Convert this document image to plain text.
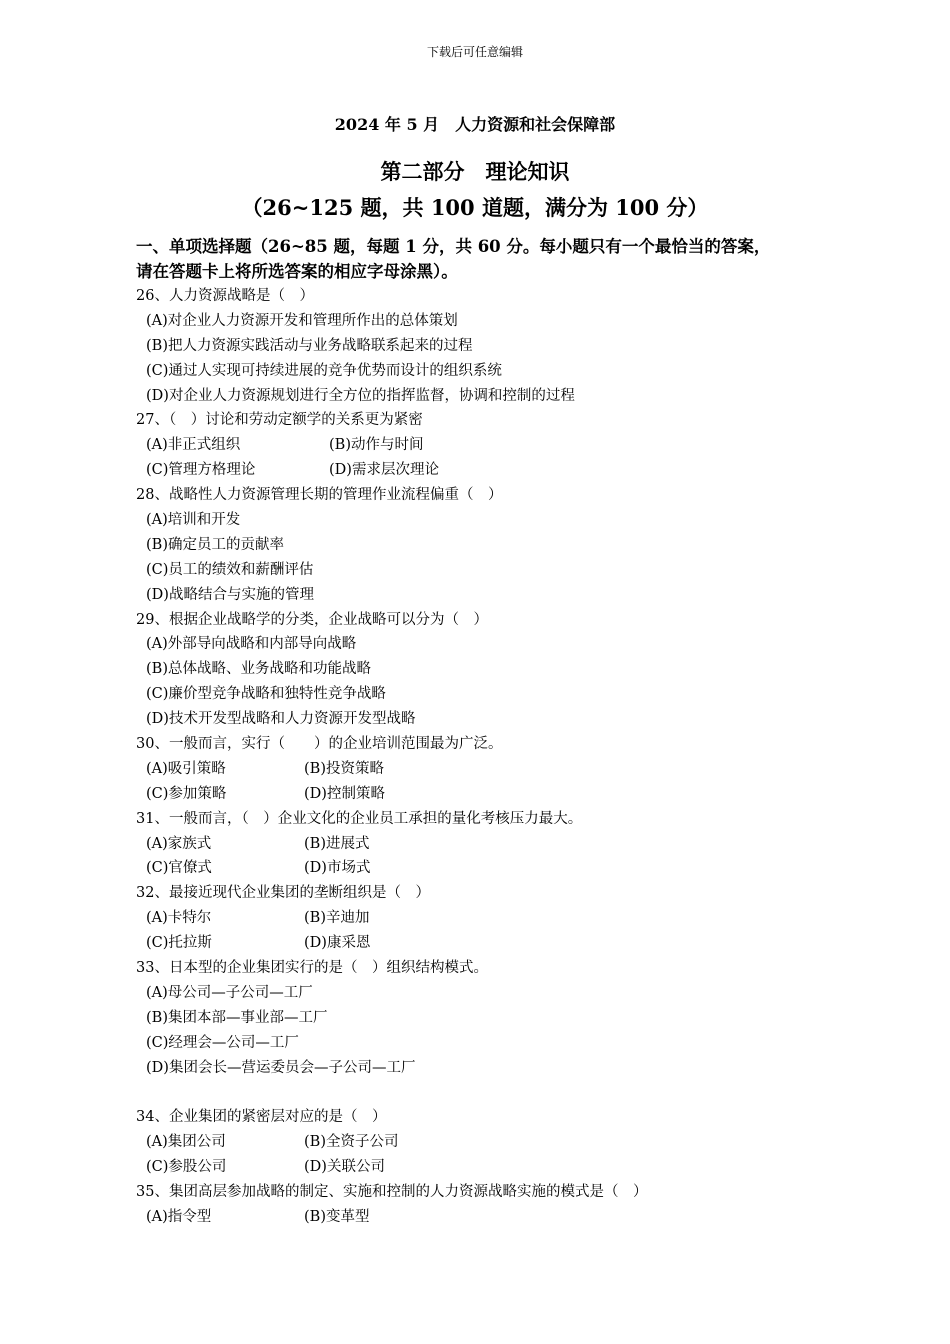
下载后可任意编辑
2024 年 5 月　人力资源和社会保障部
第二部分　理论知识
（26~125 题，共 100 道题，满分为 100 分）
一、单项选择题（26~85 题，每题 1 分，共 60 分。每小题只有一个最恰当的答案，
请在答题卡上将所选答案的相应字母涂黑）。
26、人力资源战略是（　）
(A)对企业人力资源开发和管理所作出的总体策划
(B)把人力资源实践活动与业务战略联系起来的过程
(C)通过人实现可持续进展的竞争优势而设计的组织系统
(D)对企业人力资源规划进行全方位的指挥监督，协调和控制的过程
27、（　）讨论和劳动定额学的关系更为紧密
(A)非正式组织	(B)动作与时间
(C)管理方格理论	(D)需求层次理论
28、战略性人力资源管理长期的管理作业流程偏重（　）
(A)培训和开发
(B)确定员工的贡献率
(C)员工的绩效和薪酬评估
(D)战略结合与实施的管理
29、根据企业战略学的分类，企业战略可以分为（　）
(A)外部导向战略和内部导向战略
(B)总体战略、业务战略和功能战略
(C)廉价型竞争战略和独特性竞争战略
(D)技术开发型战略和人力资源开发型战略
30、一般而言，实行（　　）的企业培训范围最为广泛。
(A)吸引策略	(B)投资策略
(C)参加策略	(D)控制策略
31、一般而言，（　）企业文化的企业员工承担的量化考核压力最大。
(A)家族式	(B)进展式
(C)官僚式	(D)市场式
32、最接近现代企业集团的垄断组织是（　）
(A)卡特尔	(B)辛迪加
(C)托拉斯	(D)康采恩
33、日本型的企业集团实行的是（　）组织结构模式。
(A)母公司—子公司—工厂
(B)集团本部—事业部—工厂
(C)经理会—公司—工厂
(D)集团会长—营运委员会—子公司—工厂
34、企业集团的紧密层对应的是（　）
(A)集团公司	(B)全资子公司
(C)参股公司	(D)关联公司
35、集团高层参加战略的制定、实施和控制的人力资源战略实施的模式是（　）
(A)指令型	(B)变革型
